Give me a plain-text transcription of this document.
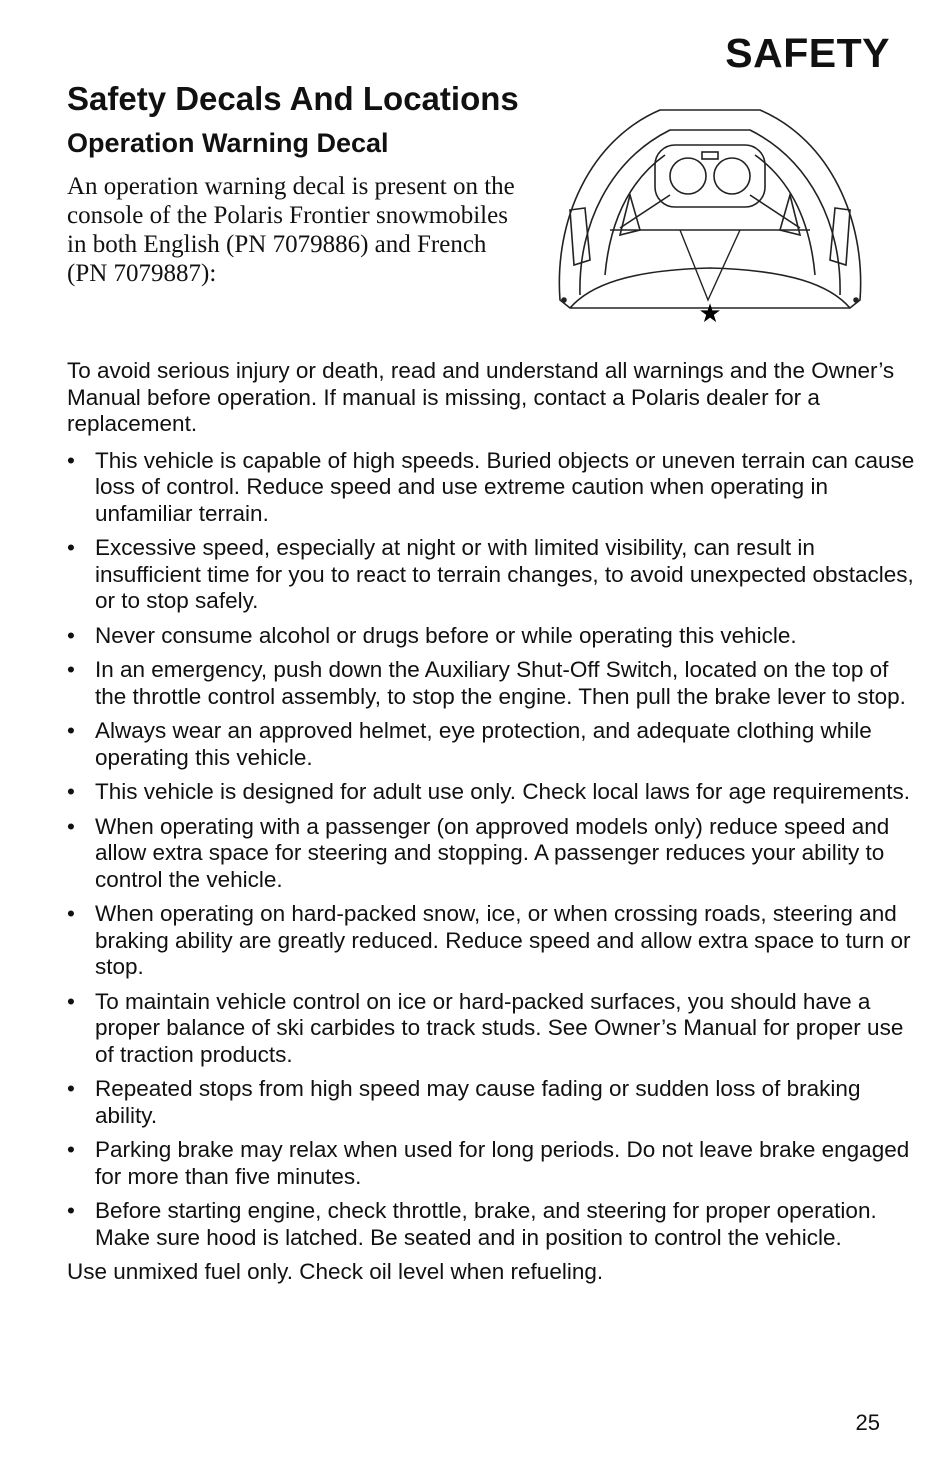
SAFETY
Safety Decals And Locations
Operation Warning Decal

An operation warning decal is present on the console of the Polaris Frontier snowmobiles in both English (PN 7079886) and French (PN 7079887):

★

To avoid serious injury or death, read and understand all warnings and the Owner’s Manual before operation. If manual is missing, contact a Polaris dealer for a replacement.

• This vehicle is capable of high speeds. Buried objects or uneven terrain can cause loss of control. Reduce speed and use extreme caution when operating in unfamiliar terrain.
• Excessive speed, especially at night or with limited visibility, can result in insufficient time for you to react to terrain changes, to avoid unexpected obstacles, or to stop safely.
• Never consume alcohol or drugs before or while operating this vehicle.
• In an emergency, push down the Auxiliary Shut-Off Switch, located on the top of the throttle control assembly, to stop the engine. Then pull the brake lever to stop.
• Always wear an approved helmet, eye protection, and adequate clothing while operating this vehicle.
• This vehicle is designed for adult use only. Check local laws for age requirements.
• When operating with a passenger (on approved models only) reduce speed and allow extra space for steering and stopping. A passenger reduces your ability to control the vehicle.
• When operating on hard-packed snow, ice, or when crossing roads, steering and braking ability are greatly reduced. Reduce speed and allow extra space to turn or stop.
• To maintain vehicle control on ice or hard-packed surfaces, you should have a proper balance of ski carbides to track studs. See Owner’s Manual for proper use of traction products.
• Repeated stops from high speed may cause fading or sudden loss of braking ability.
• Parking brake may relax when used for long periods. Do not leave brake engaged for more than five minutes.
• Before starting engine, check throttle, brake, and steering for proper operation. Make sure hood is latched. Be seated and in position to control the vehicle.

Use unmixed fuel only. Check oil level when refueling.

25
